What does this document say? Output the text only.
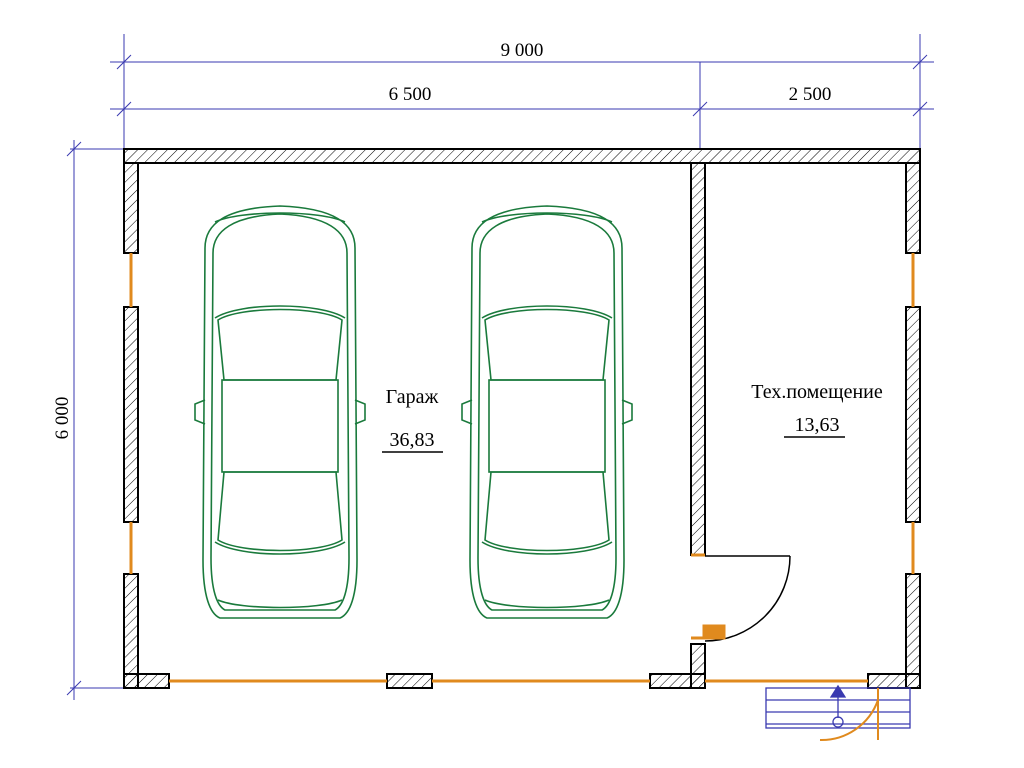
9 000
6 500	2 500
6 000	Гараж
36,83
Тех.помещение
13,63
